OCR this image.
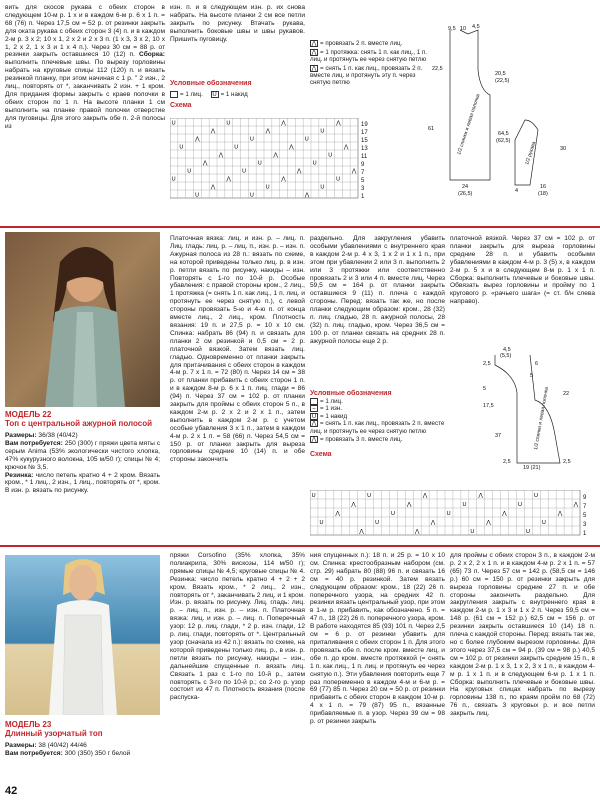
вить для скосов рукава с обеих сторон в следующем 10-м р. 1 х и в каждом 6-м р. 6 х 1 п. = 68 (76) п. Через 17,5 см = 52 р. от резинки закрыть для оката рукава с обеих сторон 3 (4) п. и в каждом 2-м р. 3 х 2; 10 х 1, 2 х 2 и 2 х 3 п. (1 х 3, 3 х 2, 10 х 1, 2 х 2, 1 х 3 и 1 х 4 п.). Через 30 см = 88 р. от резинки закрыть оставшиеся 10 (12) п. Сборка: выполнить плечевые швы. По вырезу горловины набрать на круговые спицы 112 (120) п. и вязать резинкой планку, при этом начиная с 1 р. " 2 изн., 2 лиц., повторять от *, заканчивать 2 изн. + 1 кром. Для придания формы закрыть с краев полочки в обеих сторон по 1 п. На высоте планки 1 см выполнить на планке правой полочки отверстие для пуговицы. Для этого закрыть обе п. 2-й полосы из
изн. п. и в следующем изн. р. их снова набрать. На высоте планки 2 см все петли закрыть по рисунку. Втачать рукава, выполнить боковые швы и швы рукавов. Пришить пуговицу.
Условные обозначения
= 1 лиц. U = 1 накид
Схема
⋀ = провязать 2 п. вместе лиц.
⋀ = 1 протяжка: снять 1 п. как лиц., 1 п. лиц. и протянуть ее через снятую петлю
⋀ = снять 1 п. как лиц., провязать 2 п. вместе лиц. и протянуть эту п. через снятую петлю
U	U	⋀	⋀
⋀	⋀	U
⋀	U	U
U	U	⋀	⋀
⋀	⋀	U
⋀	U	U
U	U	⋀	⋀
U	⋀	⋀	U
⋀	U	U
U	U	⋀
19
17
15
13
11
9
7
5
3
1
9,5 10 4,5
22,5
20,5
(22,5)
61
64,5
(62,5)
24
(26,5)	4
16
(18)
30
1/2 спинки и левая полочка	1/2 рукава
МОДЕЛЬ 22
Топ с центральной ажурной полосой
Размеры: 36/38 (40/42)
Вам потребуется: 250 (300) г пряжи цвета мяты с серым Anima (53% экологически чистого хлопка, 47% кукурузного волокна, 105 м/50 г); спицы № 4; крючок № 3,5.
Резинка: число петель кратно 4 + 2 кром. Вязать кром., * 1 лиц., 2 изн., 1 лиц., повторять от *, кром. В изн. р. вязать по рисунку.
Платочная вязка: лиц. и изн. р. – лиц. п. Лиц. гладь: лиц. р. – лиц. п., изн. р. – изн. п. Ажурная полоса из 28 п.: вязать по схеме, на которой приведены только лиц. р. в изн. р. петли вязать по рисунку, накиды – изн. Повторять с 1-го по 10-й р. Особые убавления: с правой стороны кром., 2 лиц., 1 протяжка (= снять 1 п. как лиц., 1 п. лиц. и протянуть ее через снятую п.), с левой стороны провязать 5-ю и 4-ю п. от конца вместе лиц., 2 лиц., кром. Плотность вязания: 19 п. и 27,5 р. = 10 х 10 см. Спинка: набрать 86 (94) п. и связать для планки 2 см резинкой и 0,5 см = 2 р. платочной вязкой. Затем вязать лиц. гладью. Одновременно от планки закрыть для притачивания с обеих сторон в каждом 4-м р. 7 х 1 п. = 72 (80) п. Через 14 см = 38 р. от планки прибавить с обеих сторон 1 п. и в каждом 8-м р. 6 х 1 п. лиц. глади = 86 (94) п. Через 37 см = 102 р. от планки закрыть для проймы с обеих сторон 5 п., в каждом 2-м р. 2 х 2 и 2 х 1 п., затем выполнить в каждом 2-м р. с учетом особые убавления 3 х 1 п., затем в каждом 4-м р. 2 х 1 п. = 58 (66) п. Через 54,5 см = 150 р. от планки закрыть для выреза горловины средние 10 (14) п. и обе стороны закончить
раздельно. Для закругления убавить особыми убавлениями с внутреннего края в каждом 2-м р. 4 х 3, 1 х 2 и 1 х 1 п., при этом при убавлении 2 или 3 п. выполнить 2 или 3 протяжки или соответственно провязать 2 и 3 или 4 п. вместе лиц. Через 59,5 см = 164 р. от планки закрыть оставшиеся 9 (11) п. плеча с каждой стороны. Перед: вязать так же, но после планки следующим образом: кром., 28 (32) п. лиц. гладью, 28 п. ажурной полосы, 28 (32) п. лиц. гладью, кром. Через 36,5 см = 100 р. от планки связать на средних 28 п. ажурной полосы еще 2 р.
платочной вязкой. Через 37 см = 102 р. от планки закрыть для выреза горловины средние 28 п. и убавить особыми убавлениями в каждом 4-м р. 3 (5) х, в каждом 2-м р. 5 х и в следующем 8-м р. 1 х 1 п. Сборка: выполнить плечевые и боковые швы. Обвязать вырез горловины и пройму по 1 кругового р. «рачьего шага» (= ст. б/н слева направо).
4,5
(5,5)
6
2,5
5
22
5
17,5
37
2,5
19 (21)
2,5
1/2 спинки и левая полочка
Условные обозначения
= 1 лиц.
– = 1 изн.
U = 1 накид
⋀ = снять 1 п. как лиц., провязать 2 п. вместе лиц. и протянуть ее через снятую петлю
⋀ = провязать 3 п. вместе лиц.
Схема
U	U	⋀	⋀	U
⋀	⋀	U	U	⋀
⋀	U	U	⋀	⋀
U	U	⋀	⋀	U
⋀	⋀	U	U
9
7
5
3
1
МОДЕЛЬ 23
Длинный узорчатый топ
Размеры: 38 (40/42) 44/46
Вам потребуется: 300 (350) 350 г белой
пряжи Corsofino (35% хлопка, 35% полиакрила, 30% вискозы, 114 м/50 г); прямые спицы № 4,5; круговые спицы № 4. Резинка: число петель кратно 4 + 2 + 2 кром. Вязать кром., * 2 лиц., 2 изн., повторять от *, заканчивать 2 лиц. и 1 кром. Изн. р. вязать по рисунку. Лиц. гладь: лиц. р. – лиц. п., изн. р. – изн. п. Платочная вязка: лиц. и изн. р. – лиц. п. Поперечный узор: 12 р. лиц. глади, * 2 р. изн. глади, 12 р. лиц. глади, повторять от *. Центральный узор (сначала из 42 п.): вязать по схеме, на которой приведены только лиц. р., в изн. р. петли вязать по рисунку, накиды – изн., дальнейшие спущенные п. вязать лиц. Связать 1 раз с 1-го по 10-й р., затем повторять с 3-го по 10-й р.; со 2-го р. узор состоит из 47 п. Плотность вязания (после распуска-
ния спущенных п.): 18 п. и 25 р. = 10 х 10 см. Спинка: крестообразным набором (см. стр. 29) набрать 80 (88) 96 п. и связать 16 см = 40 р. резинкой. Затем вязать следующим образом: кром., 18 (22) 26 п. поперечного узора, на средних 42 п. резинки вязать центральный узор, при этом в 1-м р. прибавить, как обозначено. 5 п. = 47 п., 18 (22) 26 п. поперечного узора, кром. В работе находятся 85 (93) 101 п. Через 2,5 см = 6 р. от резинки убавить для приталивания с обеих сторон 1 п. Для этого провязать обе п. после кром. вместе лиц. и обе п. до кром. вместе протяжкой (= снять 1 п. как лиц., 1 п. лиц. и протянуть ее через снятую п.). Эти убавления повторить еще 7 раз попеременно в каждом 4-м и 6-м р. = 69 (77) 85 п. Через 20 см = 50 р. от резинки прибавить с обеих сторон в каждом 10-м р. 4 х 1 п. = 79 (87) 95 п., вязанные прибавляемые п. в узор. Через 39 см = 98 р. от резинки закрыть
для проймы с обеих сторон 3 п., в каждом 2-м р. 2 х 2, 2 х 1 п. и в каждом 4-м р. 2 х 1 п. = 57 (65) 73 п. Через 57 см = 142 р. (58,5 см = 146 р.) 60 см = 150 р. от резинки закрыть для выреза горловины средние 27 п. и обе стороны закончить раздельно. Для закругления закрыть с внутреннего края в каждом 2-м р. 1 х 3 и 1 х 2 п. Через 59,5 см = 148 р. (61 см = 152 р.) 62,5 см = 156 р. от резинки закрыть оставшиеся 10 (14) 18 п. плеча с каждой стороны. Перед: вязать так же, но с более глубоким вырезом горловины. Для этого через 37,5 см = 94 р. (39 см = 98 р.) 40,5 см = 102 р. от резинки закрыть средние 15 п., в каждом 2-м р. 1 х 3, 1 х 2, 3 х 1 п., в каждом 4-м р. 1 х 1 п. и в следующем 6-м р. 1 х 1 п. Сборка: выполнить плечевые и боковые швы. На круговых спицах набрать по вырезу горловины 138 п., по краям пройм по 68 (72) 76 п., связать 3 круговых р. и все петли закрыть лиц.
42
